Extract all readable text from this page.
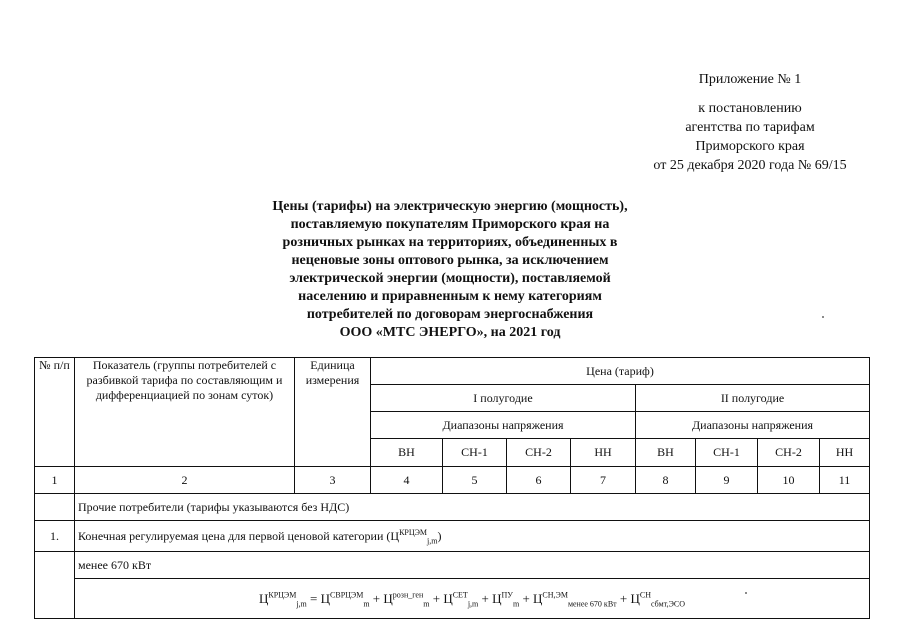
Приложение № 1
к постановлению
агентства по тарифам
Приморского края
от 25 декабря 2020 года № 69/15
Цены (тарифы) на электрическую энергию (мощность),
поставляемую покупателям Приморского края на
розничных рынках на территориях, объединенных в
неценовые зоны оптового рынка, за исключением
электрической энергии (мощности), поставляемой
населению и приравненным к нему категориям
потребителей по договорам энергоснабжения
ООО «МТС ЭНЕРГО», на 2021 год
№ п/п	Показатель (группы потребителей с разбивкой тарифа по составляющим и дифференциацией по зонам суток)	Единица измерения	Цена (тариф)							
			I полугодие				II полугодие			
			Диапазоны напряжения				Диапазоны напряжения			
			ВН	СН-1	СН-2	НН	ВН	СН-1	СН-2	НН
1	2	3	4	5	6	7	8	9	10	11
	Прочие потребители (тарифы указываются без НДС)									
1.	Конечная регулируемая цена для первой ценовой категории $(Ц^{КРЦЭМ}_{j,m})$									
	менее 670 кВт									
	$Ц^{КРЦЭМ}_{j,m} = Ц^{СВРЦЭМ}_m + Ц^{розн\_ген}_m + Ц^{СЕТ}_{j,m} + Ц^{ПУ}_m + Ц^{СН,ЭМ}_{менее 670 кВт} + Ц^{СН}_{сбмт,ЭСО}$
